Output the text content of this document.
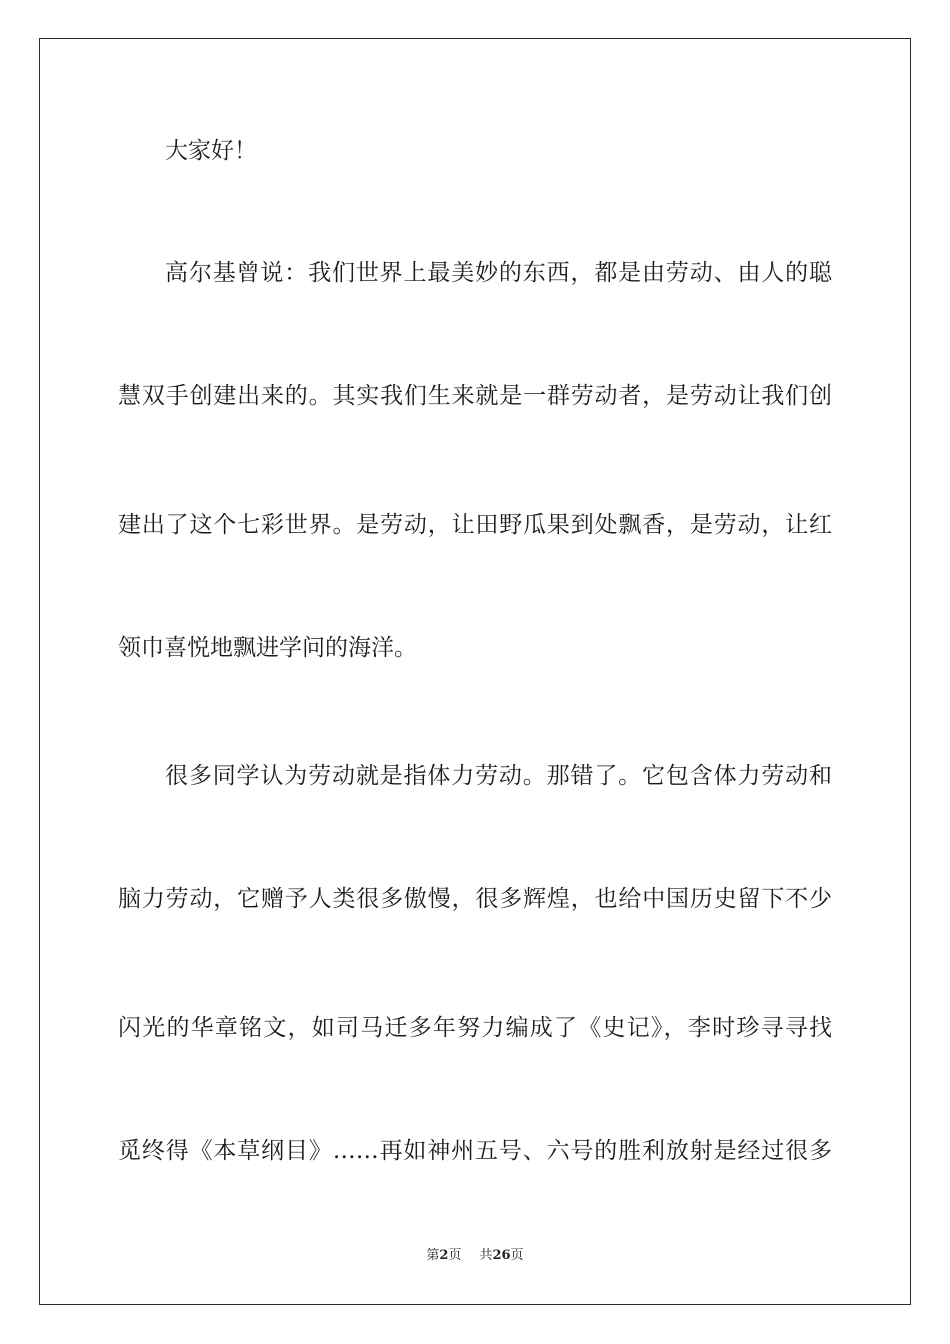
大家好！
高尔基曾说：我们世界上最美妙的东西，都是由劳动、由人的聪
慧双手创建出来的。其实我们生来就是一群劳动者，是劳动让我们创
建出了这个七彩世界。是劳动，让田野瓜果到处飘香，是劳动，让红
领巾喜悦地飘进学问的海洋。
很多同学认为劳动就是指体力劳动。那错了。它包含体力劳动和
脑力劳动，它赠予人类很多傲慢，很多辉煌，也给中国历史留下不少
闪光的华章铭文，如司马迁多年努力编成了《史记》，李时珍寻寻找
觅终得《本草纲目》……再如神州五号、六号的胜利放射是经过很多
第2页 共26页
